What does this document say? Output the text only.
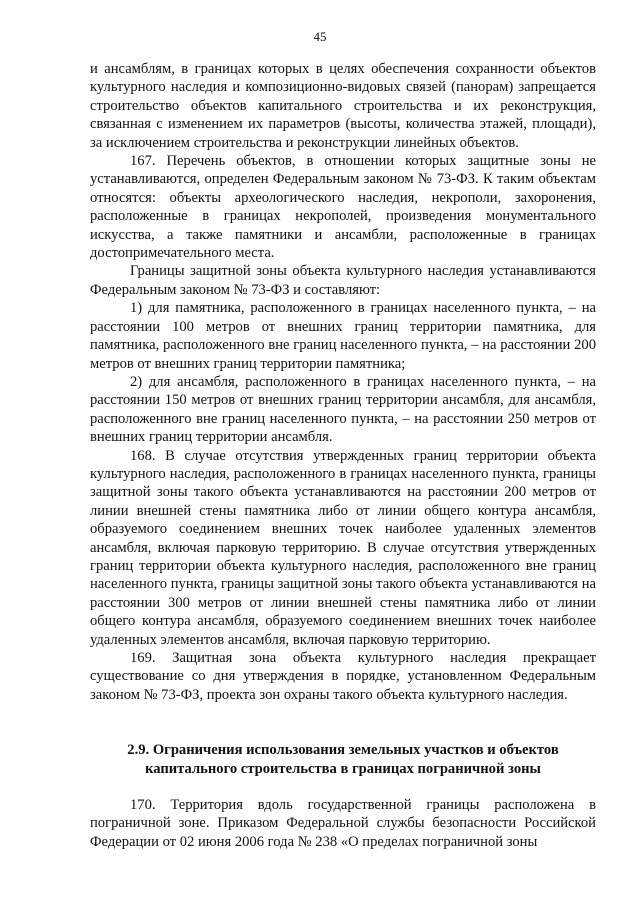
45

и ансамблям, в границах которых в целях обеспечения сохранности объектов культурного наследия и композиционно-видовых связей (панорам) запрещается строительство объектов капитального строительства и их реконструкция, связанная с изменением их параметров (высоты, количества этажей, площади), за исключением строительства и реконструкции линейных объектов.

167. Перечень объектов, в отношении которых защитные зоны не устанавливаются, определен Федеральным законом № 73-ФЗ. К таким объектам относятся: объекты археологического наследия, некрополи, захоронения, расположенные в границах некрополей, произведения монументального искусства, а также памятники и ансамбли, расположенные в границах достопримечательного места.

Границы защитной зоны объекта культурного наследия устанавливаются Федеральным законом № 73-ФЗ и составляют:

1) для памятника, расположенного в границах населенного пункта, – на расстоянии 100 метров от внешних границ территории памятника, для памятника, расположенного вне границ населенного пункта, – на расстоянии 200 метров от внешних границ территории памятника;

2) для ансамбля, расположенного в границах населенного пункта, – на расстоянии 150 метров от внешних границ территории ансамбля, для ансамбля, расположенного вне границ населенного пункта, – на расстоянии 250 метров от внешних границ территории ансамбля.

168. В случае отсутствия утвержденных границ территории объекта культурного наследия, расположенного в границах населенного пункта, границы защитной зоны такого объекта устанавливаются на расстоянии 200 метров от линии внешней стены памятника либо от линии общего контура ансамбля, образуемого соединением внешних точек наиболее удаленных элементов ансамбля, включая парковую территорию. В случае отсутствия утвержденных границ территории объекта культурного наследия, расположенного вне границ населенного пункта, границы защитной зоны такого объекта устанавливаются на расстоянии 300 метров от линии внешней стены памятника либо от линии общего контура ансамбля, образуемого соединением внешних точек наиболее удаленных элементов ансамбля, включая парковую территорию.

169. Защитная зона объекта культурного наследия прекращает существование со дня утверждения в порядке, установленном Федеральным законом № 73-ФЗ, проекта зон охраны такого объекта культурного наследия.

2.9. Ограничения использования земельных участков и объектов

капитального строительства в границах пограничной зоны

170. Территория вдоль государственной границы расположена в пограничной зоне. Приказом Федеральной службы безопасности Российской Федерации от 02 июня 2006 года № 238 «О пределах пограничной зоны
